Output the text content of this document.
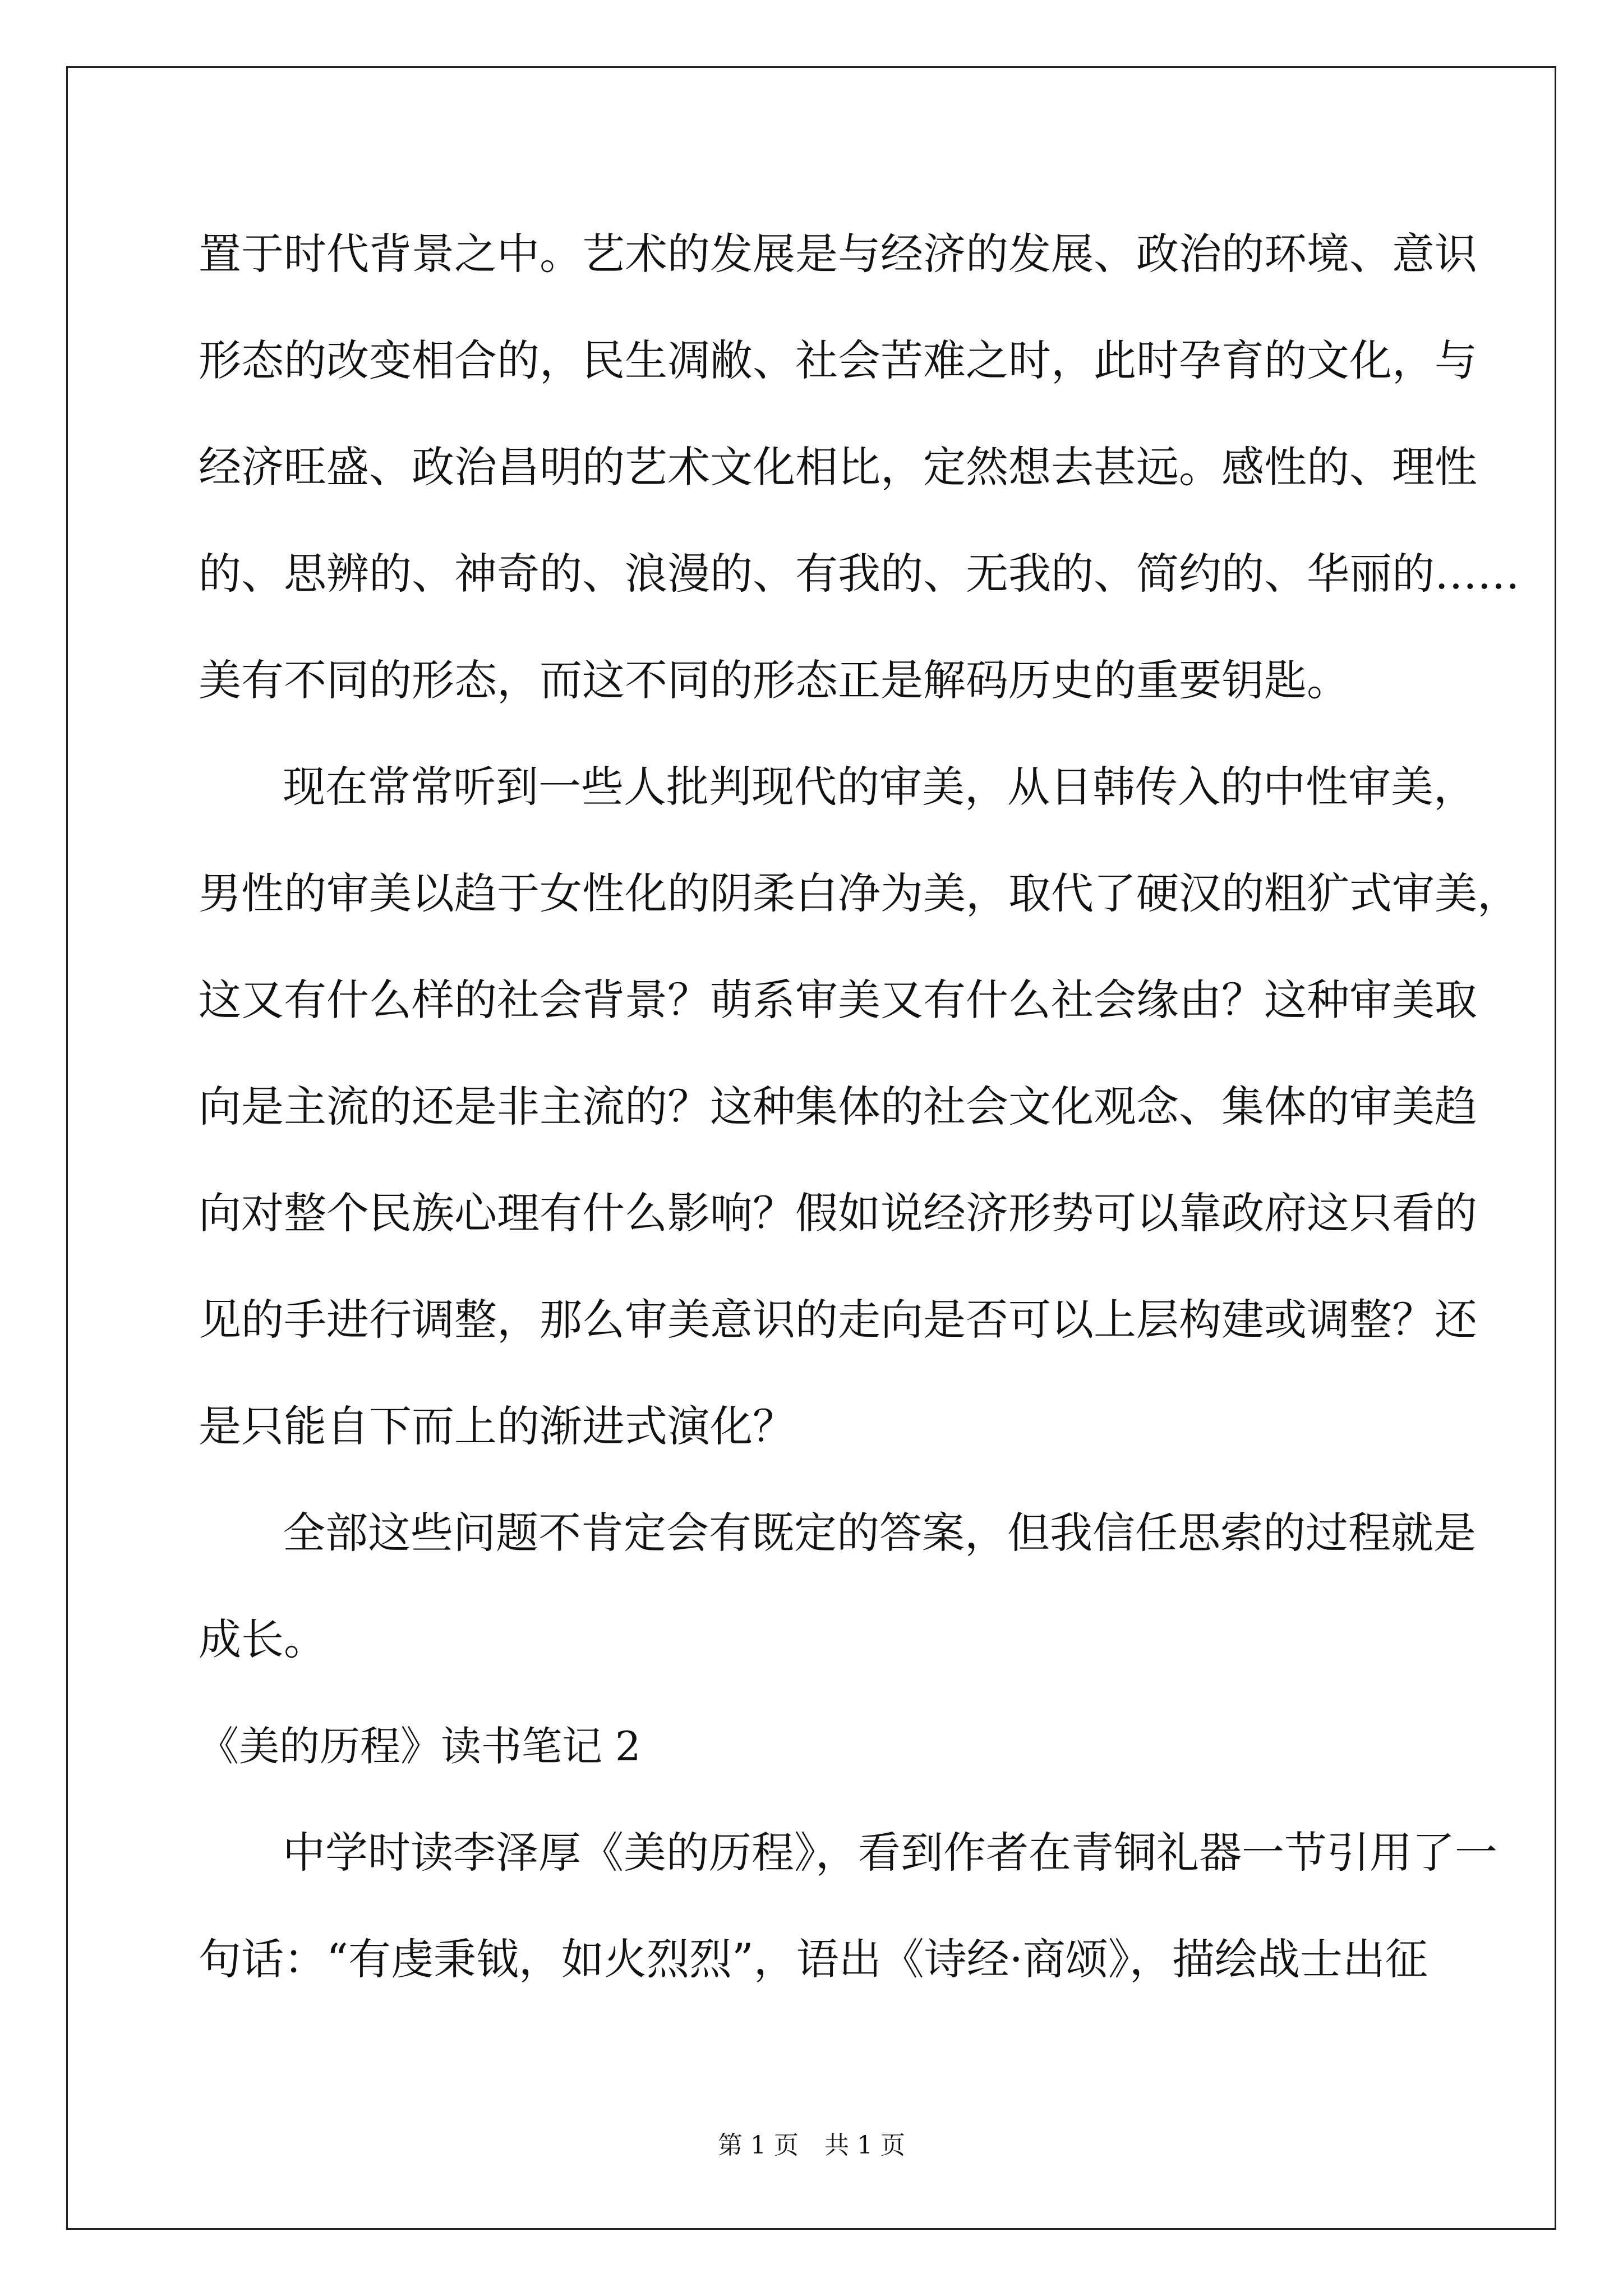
置于时代背景之中。艺术的发展是与经济的发展、政治的环境、意识
形态的改变相合的，民生凋敝、社会苦难之时，此时孕育的文化，与
经济旺盛、政治昌明的艺术文化相比，定然想去甚远。感性的、理性
的、思辨的、神奇的、浪漫的、有我的、无我的、简约的、华丽的……
美有不同的形态，而这不同的形态正是解码历史的重要钥匙。
现在常常听到一些人批判现代的审美，从日韩传入的中性审美，
男性的审美以趋于女性化的阴柔白净为美，取代了硬汉的粗犷式审美，
这又有什么样的社会背景？萌系审美又有什么社会缘由？这种审美取
向是主流的还是非主流的？这种集体的社会文化观念、集体的审美趋
向对整个民族心理有什么影响？假如说经济形势可以靠政府这只看的
见的手进行调整，那么审美意识的走向是否可以上层构建或调整？还
是只能自下而上的渐进式演化？
全部这些问题不肯定会有既定的答案，但我信任思索的过程就是
成长。
《美的历程》读书笔记 2
中学时读李泽厚《美的历程》，看到作者在青铜礼器一节引用了一
句话：“有虔秉钺，如火烈烈”，语出《诗经·商颂》，描绘战士出征
第 1 页 共 1 页
